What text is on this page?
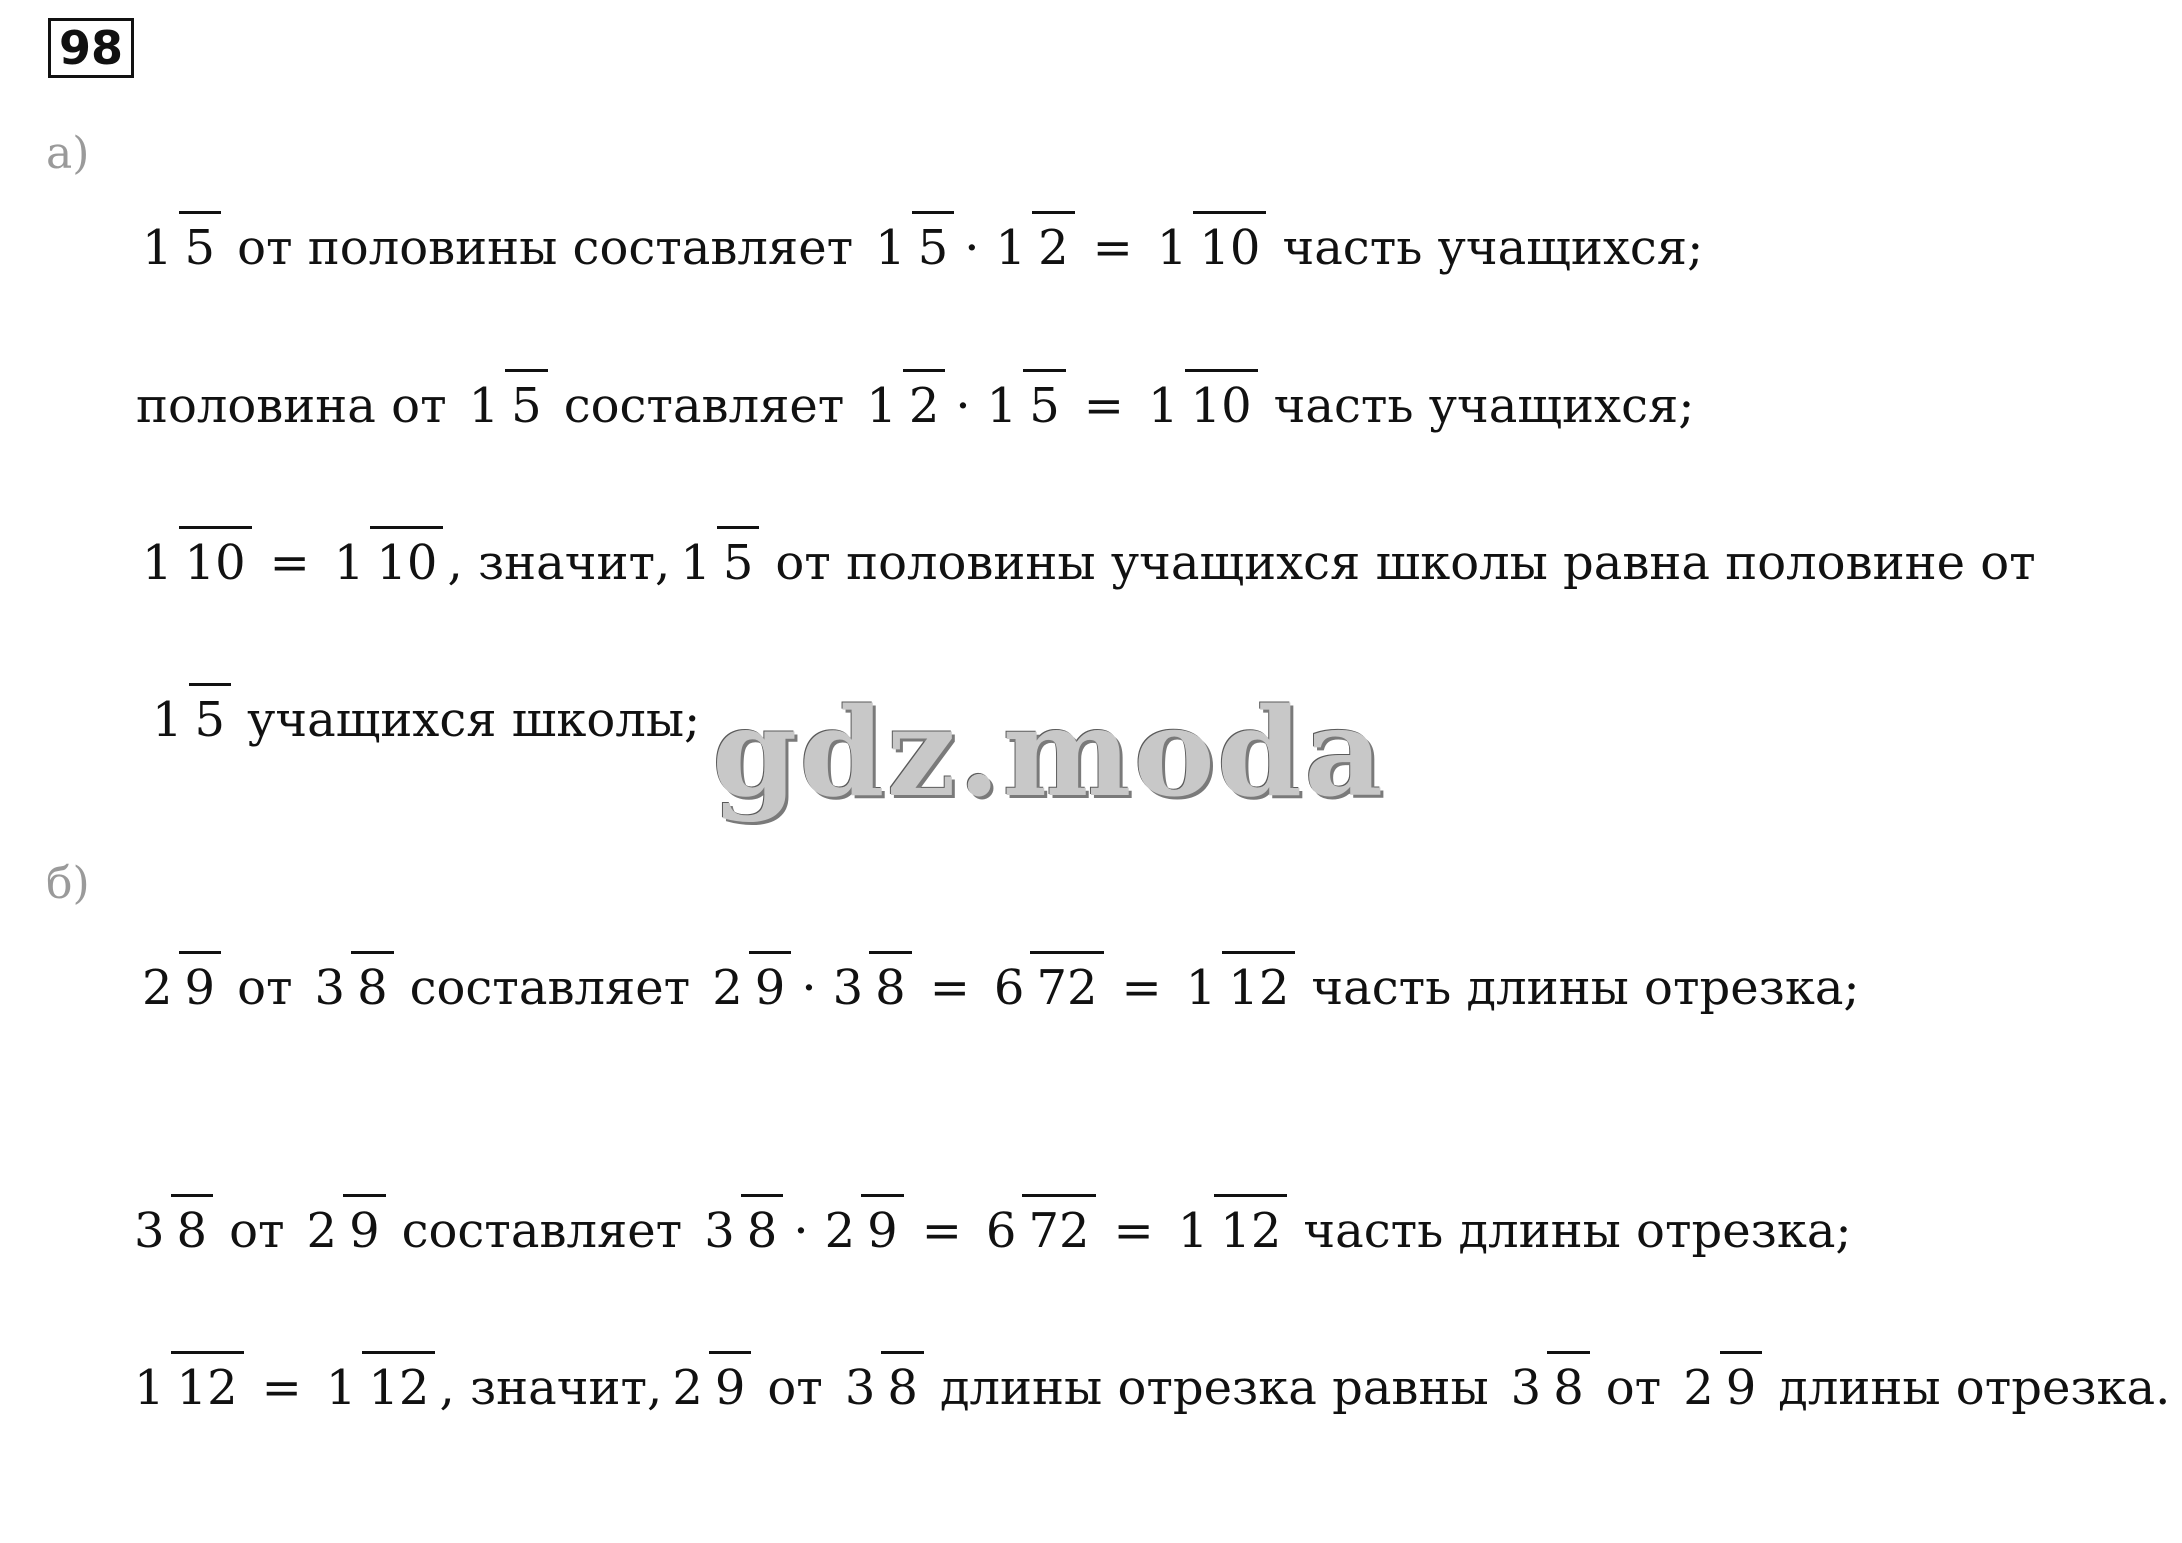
98
а)
1 5 от половины составляет 1 5 · 1 2 = 1 10 часть учащихся;
половина от 1 5 составляет 1 2 · 1 5 = 1 10 часть учащихся;
1 10 = 1 10 , значит, 1 5 от половины учащихся школы равна половине от
1 5 учащихся школы; gdz.moda
б)
2 9 от 3 8 составляет 2 9 · 3 8 = 6 72 = 1 12 часть длины отрезка;
3 8 от 2 9 составляет 3 8 · 2 9 = 6 72 = 1 12 часть длины отрезка;
1 12 = 1 12 , значит, 2 9 от 3 8 длины отрезка равны 3 8 от 2 9 длины отрезка.
